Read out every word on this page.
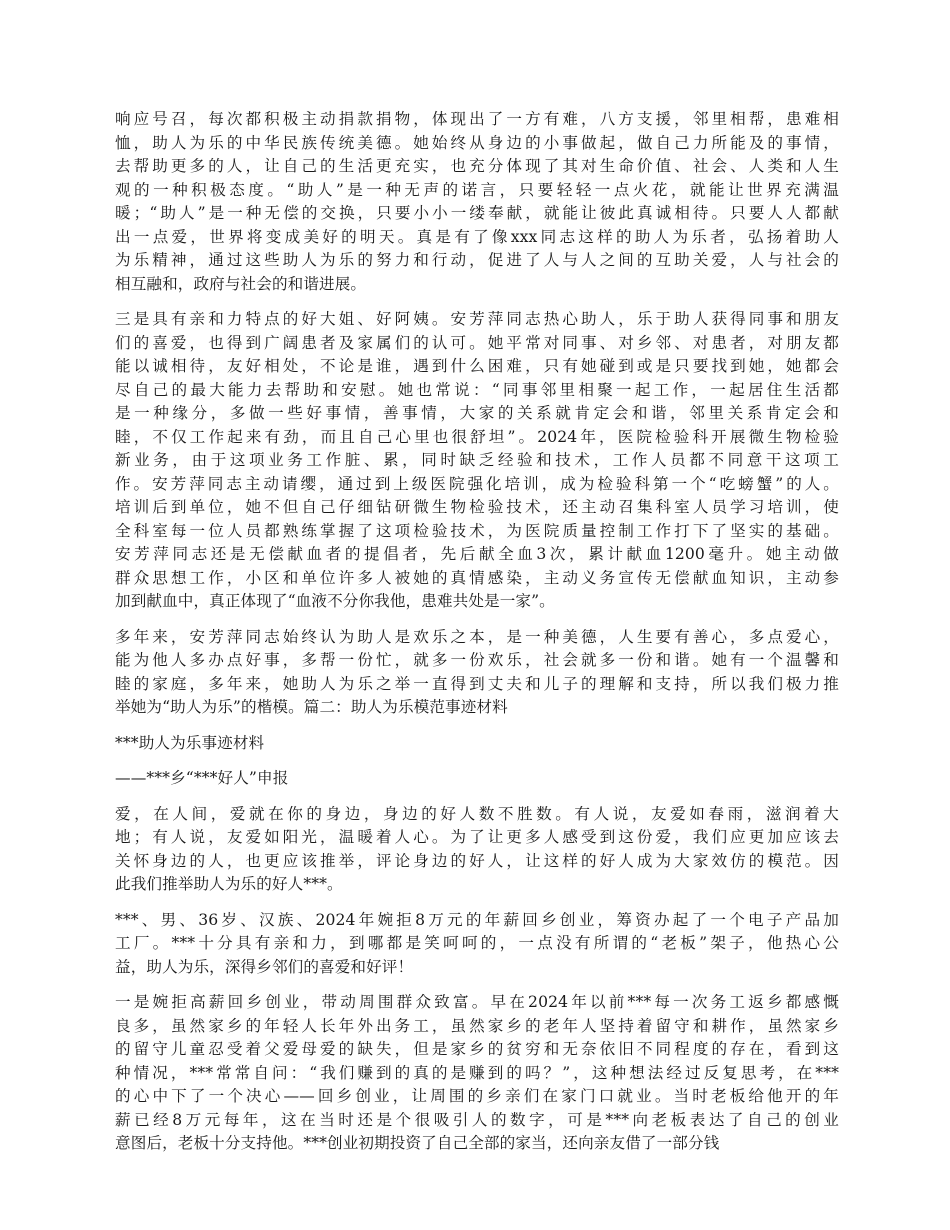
响应号召，每次都积极主动捐款捐物，体现出了一方有难，八方支援，邻里相帮，患难相
恤，助人为乐的中华民族传统美德。她始终从身边的小事做起，做自己力所能及的事情，
去帮助更多的人，让自己的生活更充实，也充分体现了其对生命价值、社会、人类和人生
观的一种积极态度。“助人”是一种无声的诺言，只要轻轻一点火花，就能让世界充满温
暖；“助人”是一种无偿的交换，只要小小一缕奉献，就能让彼此真诚相待。只要人人都献
出一点爱，世界将变成美好的明天。真是有了像xxx同志这样的助人为乐者，弘扬着助人
为乐精神，通过这些助人为乐的努力和行动，促进了人与人之间的互助关爱，人与社会的
相互融和，政府与社会的和谐进展。
三是具有亲和力特点的好大姐、好阿姨。安芳萍同志热心助人，乐于助人获得同事和朋友
们的喜爱，也得到广阔患者及家属们的认可。她平常对同事、对乡邻、对患者，对朋友都
能以诚相待，友好相处，不论是谁，遇到什么困难，只有她碰到或是只要找到她，她都会
尽自己的最大能力去帮助和安慰。她也常说：“同事邻里相聚一起工作，一起居住生活都
是一种缘分，多做一些好事情，善事情，大家的关系就肯定会和谐，邻里关系肯定会和
睦，不仅工作起来有劲，而且自己心里也很舒坦”。2024年，医院检验科开展微生物检验
新业务，由于这项业务工作脏、累，同时缺乏经验和技术，工作人员都不同意干这项工
作。安芳萍同志主动请缨，通过到上级医院强化培训，成为检验科第一个“吃螃蟹”的人。
培训后到单位，她不但自己仔细钻研微生物检验技术，还主动召集科室人员学习培训，使
全科室每一位人员都熟练掌握了这项检验技术，为医院质量控制工作打下了坚实的基础。
安芳萍同志还是无偿献血者的提倡者，先后献全血3次，累计献血1200毫升。她主动做
群众思想工作，小区和单位许多人被她的真情感染，主动义务宣传无偿献血知识，主动参
加到献血中，真正体现了“血液不分你我他，患难共处是一家”。
多年来，安芳萍同志始终认为助人是欢乐之本，是一种美德，人生要有善心，多点爱心，
能为他人多办点好事，多帮一份忙，就多一份欢乐，社会就多一份和谐。她有一个温馨和
睦的家庭，多年来，她助人为乐之举一直得到丈夫和儿子的理解和支持，所以我们极力推
举她为“助人为乐”的楷模。篇二：助人为乐模范事迹材料
***助人为乐事迹材料
——***乡“***好人”申报
爱，在人间，爱就在你的身边，身边的好人数不胜数。有人说，友爱如春雨，滋润着大
地；有人说，友爱如阳光，温暖着人心。为了让更多人感受到这份爱，我们应更加应该去
关怀身边的人，也更应该推举，评论身边的好人，让这样的好人成为大家效仿的模范。因
此我们推举助人为乐的好人***。
***、男、36岁、汉族、2024年婉拒8万元的年薪回乡创业，筹资办起了一个电子产品加
工厂。***十分具有亲和力，到哪都是笑呵呵的，一点没有所谓的“老板”架子，他热心公
益，助人为乐，深得乡邻们的喜爱和好评！
一是婉拒高薪回乡创业，带动周围群众致富。早在2024年以前***每一次务工返乡都感慨
良多，虽然家乡的年轻人长年外出务工，虽然家乡的老年人坚持着留守和耕作，虽然家乡
的留守儿童忍受着父爱母爱的缺失，但是家乡的贫穷和无奈依旧不同程度的存在，看到这
种情况，***常常自问：“我们赚到的真的是赚到的吗？”，这种想法经过反复思考，在***
的心中下了一个决心——回乡创业，让周围的乡亲们在家门口就业。当时老板给他开的年
薪已经8万元每年，这在当时还是个很吸引人的数字，可是***向老板表达了自己的创业
意图后，老板十分支持他。***创业初期投资了自己全部的家当，还向亲友借了一部分钱
